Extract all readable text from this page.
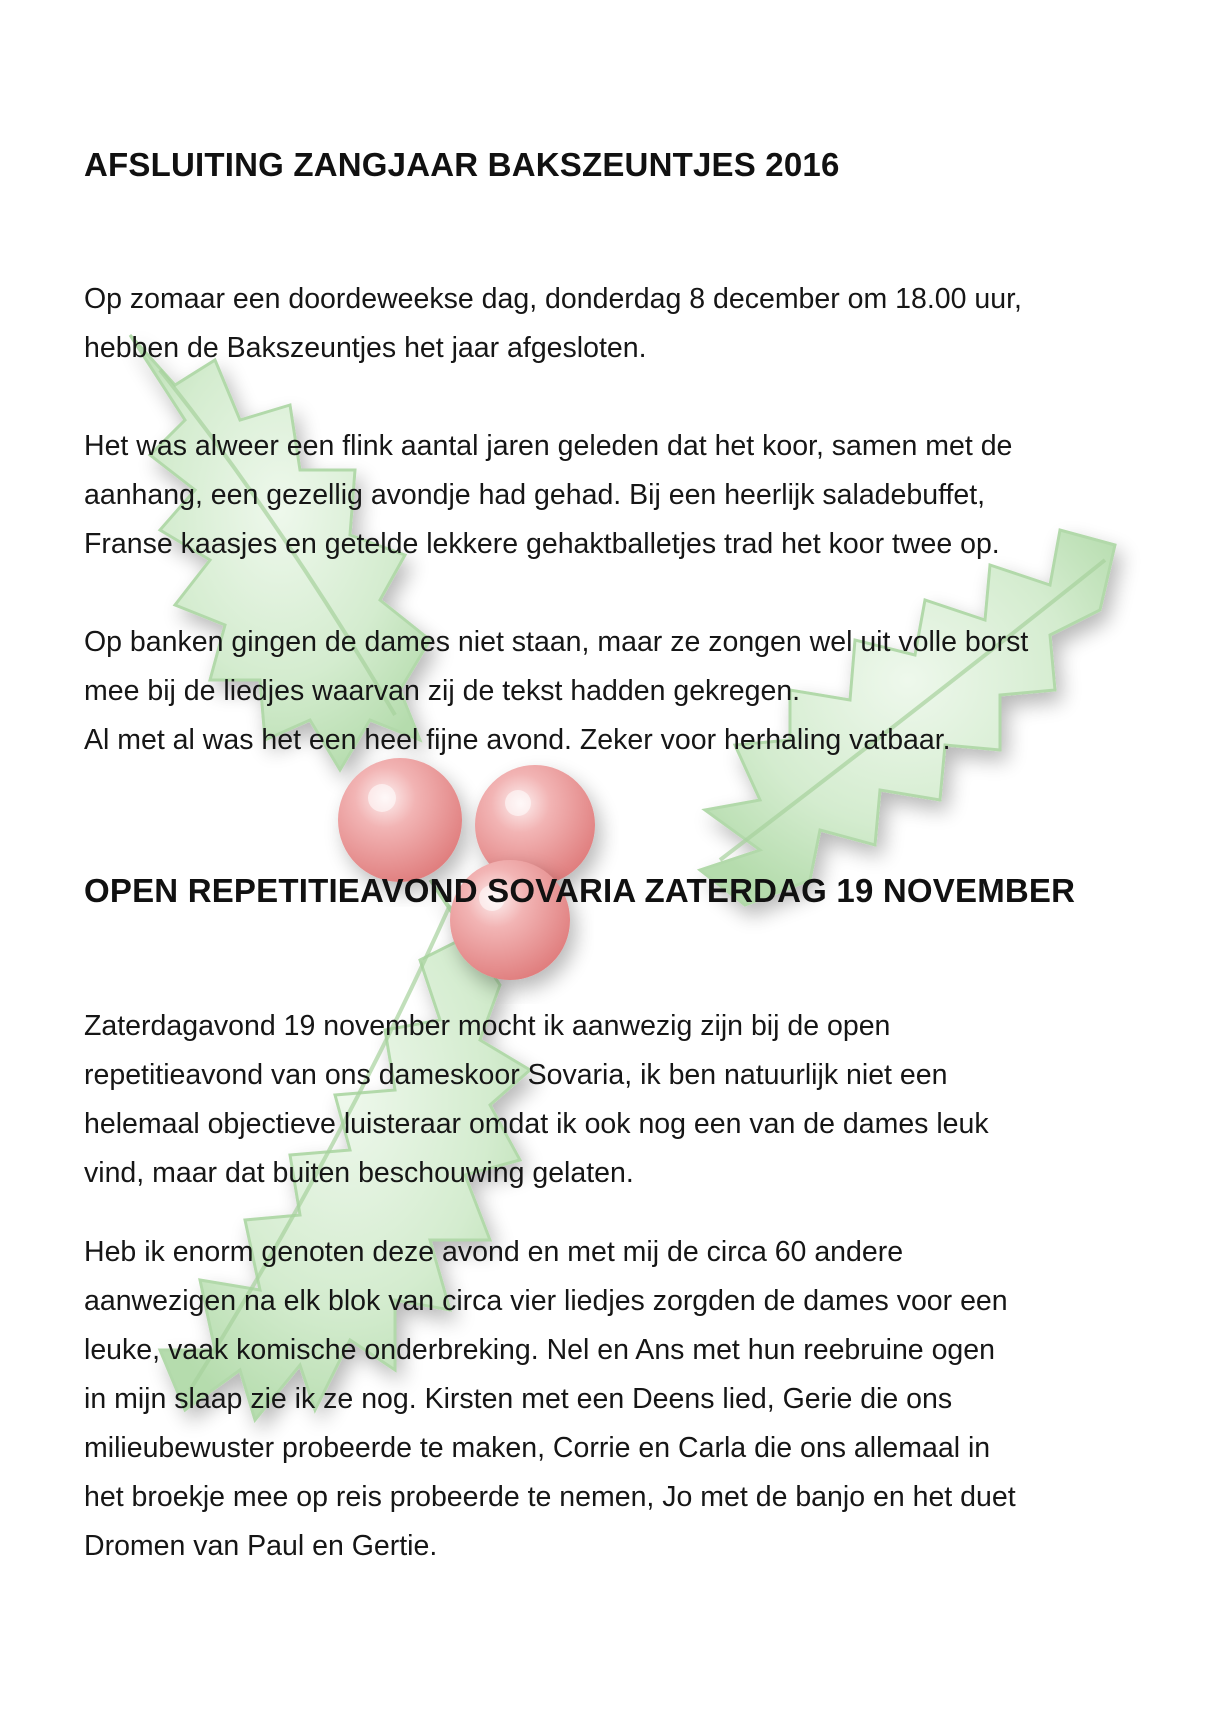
AFSLUITING ZANGJAAR BAKSZEUNTJES 2016

Op zomaar een doordeweekse dag, donderdag 8 december om 18.00 uur,
hebben de Bakszeuntjes het jaar afgesloten.

Het was alweer een flink aantal jaren geleden dat het koor, samen met de
aanhang, een gezellig avondje had gehad. Bij een heerlijk saladebuffet,
Franse kaasjes en getelde lekkere gehaktballetjes trad het koor twee op.

Op banken gingen de dames niet staan, maar ze zongen wel uit volle borst
mee bij de liedjes waarvan zij de tekst hadden gekregen.
Al met al was het een heel fijne avond. Zeker voor herhaling vatbaar.

OPEN REPETITIEAVOND SOVARIA ZATERDAG 19 NOVEMBER

Zaterdagavond 19 november mocht ik aanwezig zijn bij de open
repetitieavond van ons dameskoor Sovaria, ik ben natuurlijk niet een
helemaal objectieve luisteraar omdat ik ook nog een van de dames leuk
vind, maar dat buiten beschouwing gelaten.

Heb ik enorm genoten deze avond en met mij de circa 60 andere
aanwezigen na elk blok van circa vier liedjes zorgden de dames voor een
leuke, vaak komische onderbreking. Nel en Ans met hun reebruine ogen
in mijn slaap zie ik ze nog. Kirsten met een Deens lied, Gerie die ons
milieubewuster probeerde te maken, Corrie en Carla die ons allemaal in
het broekje mee op reis probeerde te nemen, Jo met de banjo en het duet
Dromen van Paul en Gertie.
